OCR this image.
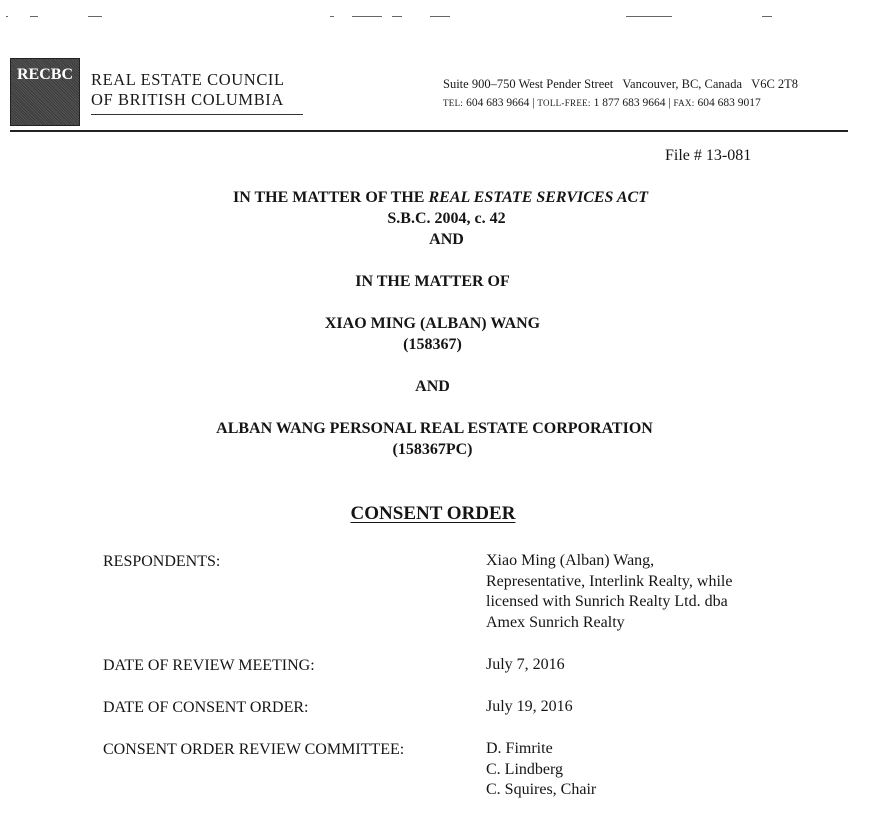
RECBC	REAL ESTATE COUNCIL
OF BRITISH COLUMBIA
Suite 900–750 West Pender Street   Vancouver, BC, Canada   V6C 2T8
TEL: 604 683 9664 | TOLL-FREE: 1 877 683 9664 | FAX: 604 683 9017
File # 13-081
IN THE MATTER OF THE REAL ESTATE SERVICES ACT
S.B.C. 2004, c. 42
AND
IN THE MATTER OF
XIAO MING (ALBAN) WANG
(158367)
AND
ALBAN WANG PERSONAL REAL ESTATE CORPORATION
(158367PC)
CONSENT ORDER
RESPONDENTS:	Xiao Ming (Alban) Wang,
Representative, Interlink Realty, while
licensed with Sunrich Realty Ltd. dba
Amex Sunrich Realty
DATE OF REVIEW MEETING:	July 7, 2016
DATE OF CONSENT ORDER:	July 19, 2016
CONSENT ORDER REVIEW COMMITTEE:	D. Fimrite
C. Lindberg
C. Squires, Chair
